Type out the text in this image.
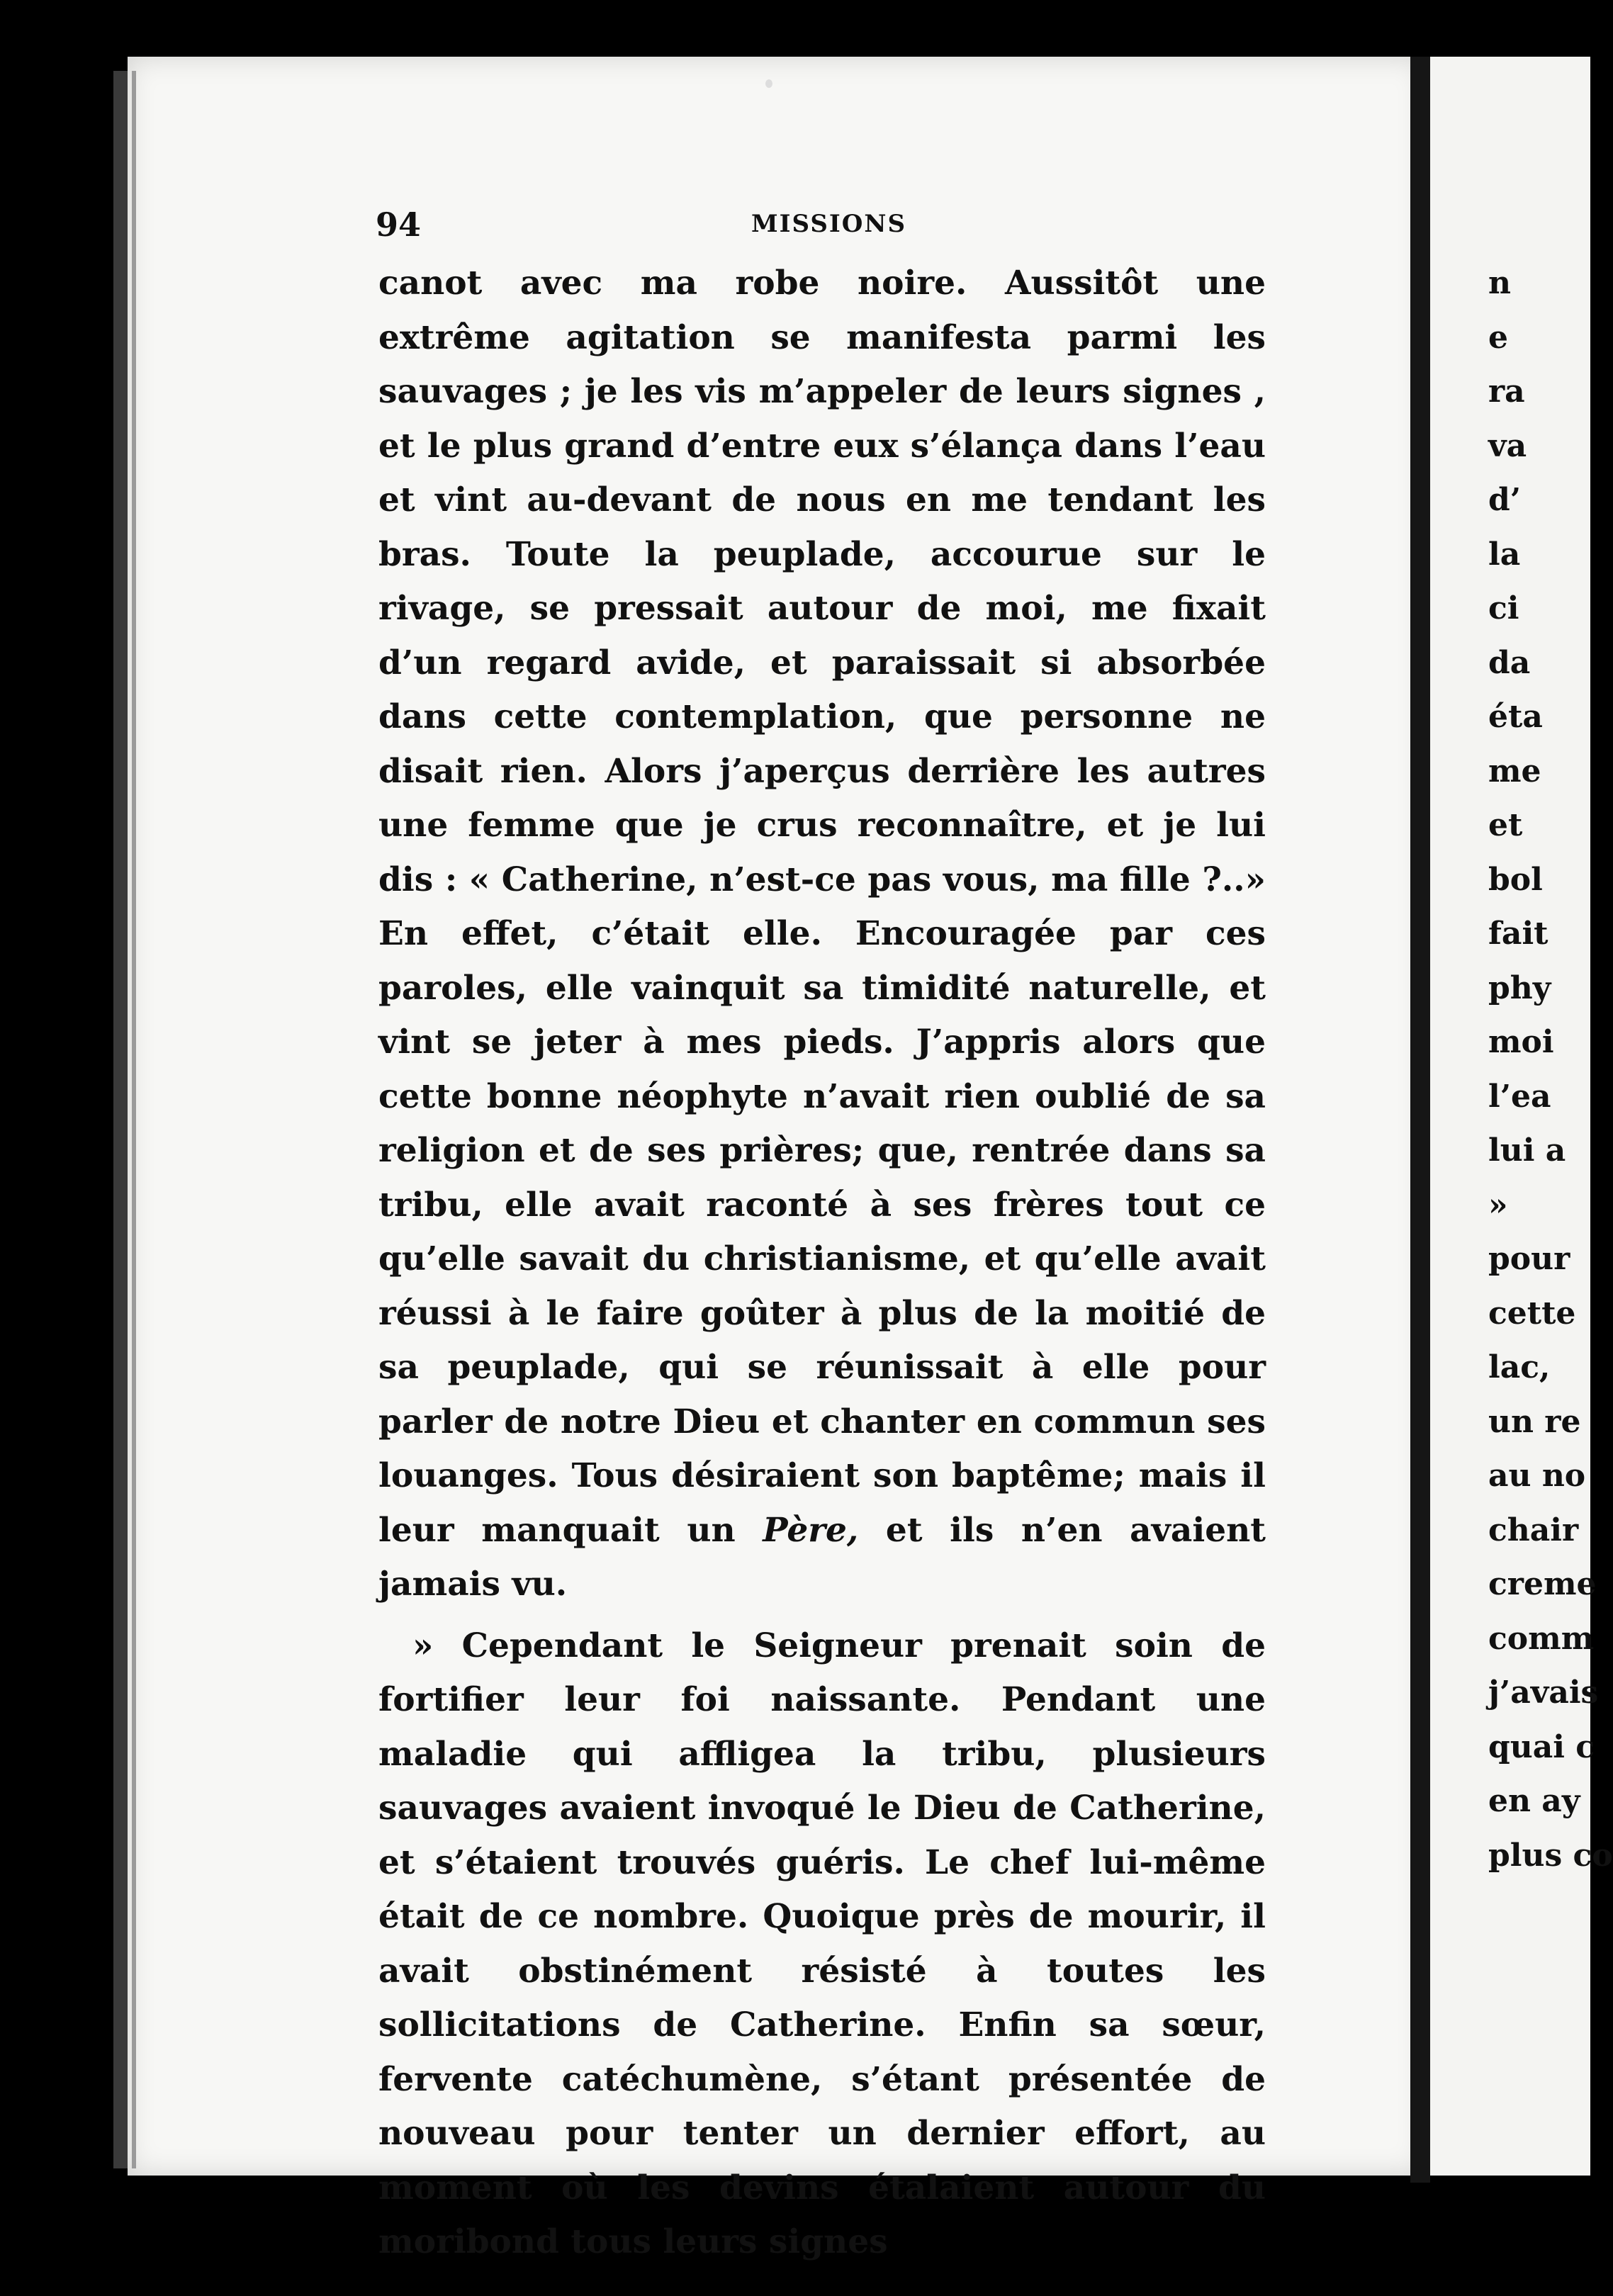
94	MISSIONS

canot avec ma robe noire. Aussitôt une extrême agitation se manifesta parmi les sauvages ; je les vis m’appeler de leurs signes , et le plus grand d’entre eux s’élança dans l’eau et vint au-devant de nous en me tendant les bras. Toute la peuplade, accourue sur le rivage, se pressait autour de moi, me fixait d’un regard avide, et paraissait si absorbée dans cette contemplation, que personne ne disait rien. Alors j’aperçus derrière les autres une femme que je crus reconnaître, et je lui dis : « Catherine, n’est-ce pas vous, ma fille ?..» En effet, c’était elle. Encouragée par ces paroles, elle vainquit sa timidité naturelle, et vint se jeter à mes pieds. J’appris alors que cette bonne néophyte n’avait rien oublié de sa religion et de ses prières; que, rentrée dans sa tribu, elle avait raconté à ses frères tout ce qu’elle savait du christianisme, et qu’elle avait réussi à le faire goûter à plus de la moitié de sa peuplade, qui se réunissait à elle pour parler de notre Dieu et chanter en commun ses louanges. Tous désiraient son baptême; mais il leur manquait un Père, et ils n’en avaient jamais vu.

» Cependant le Seigneur prenait soin de fortifier leur foi naissante. Pendant une maladie qui affligea la tribu, plusieurs sauvages avaient invoqué le Dieu de Catherine, et s’étaient trouvés guéris. Le chef lui-même était de ce nombre. Quoique près de mourir, il avait obstinément résisté à toutes les sollicitations de Catherine. Enfin sa sœur, fervente catéchumène, s’étant présentée de nouveau pour tenter un dernier effort, au moment où les devins étalaient autour du moribond tous leurs signes

n
e
ra
va
d’
la
ci
da
éta
me
et
bol
fait
phy
moi
l’ea
lui a
»
pour
cette
lac,
un re
au no
chair
creme
comm
j’avais
quai c
en ay
plus co
